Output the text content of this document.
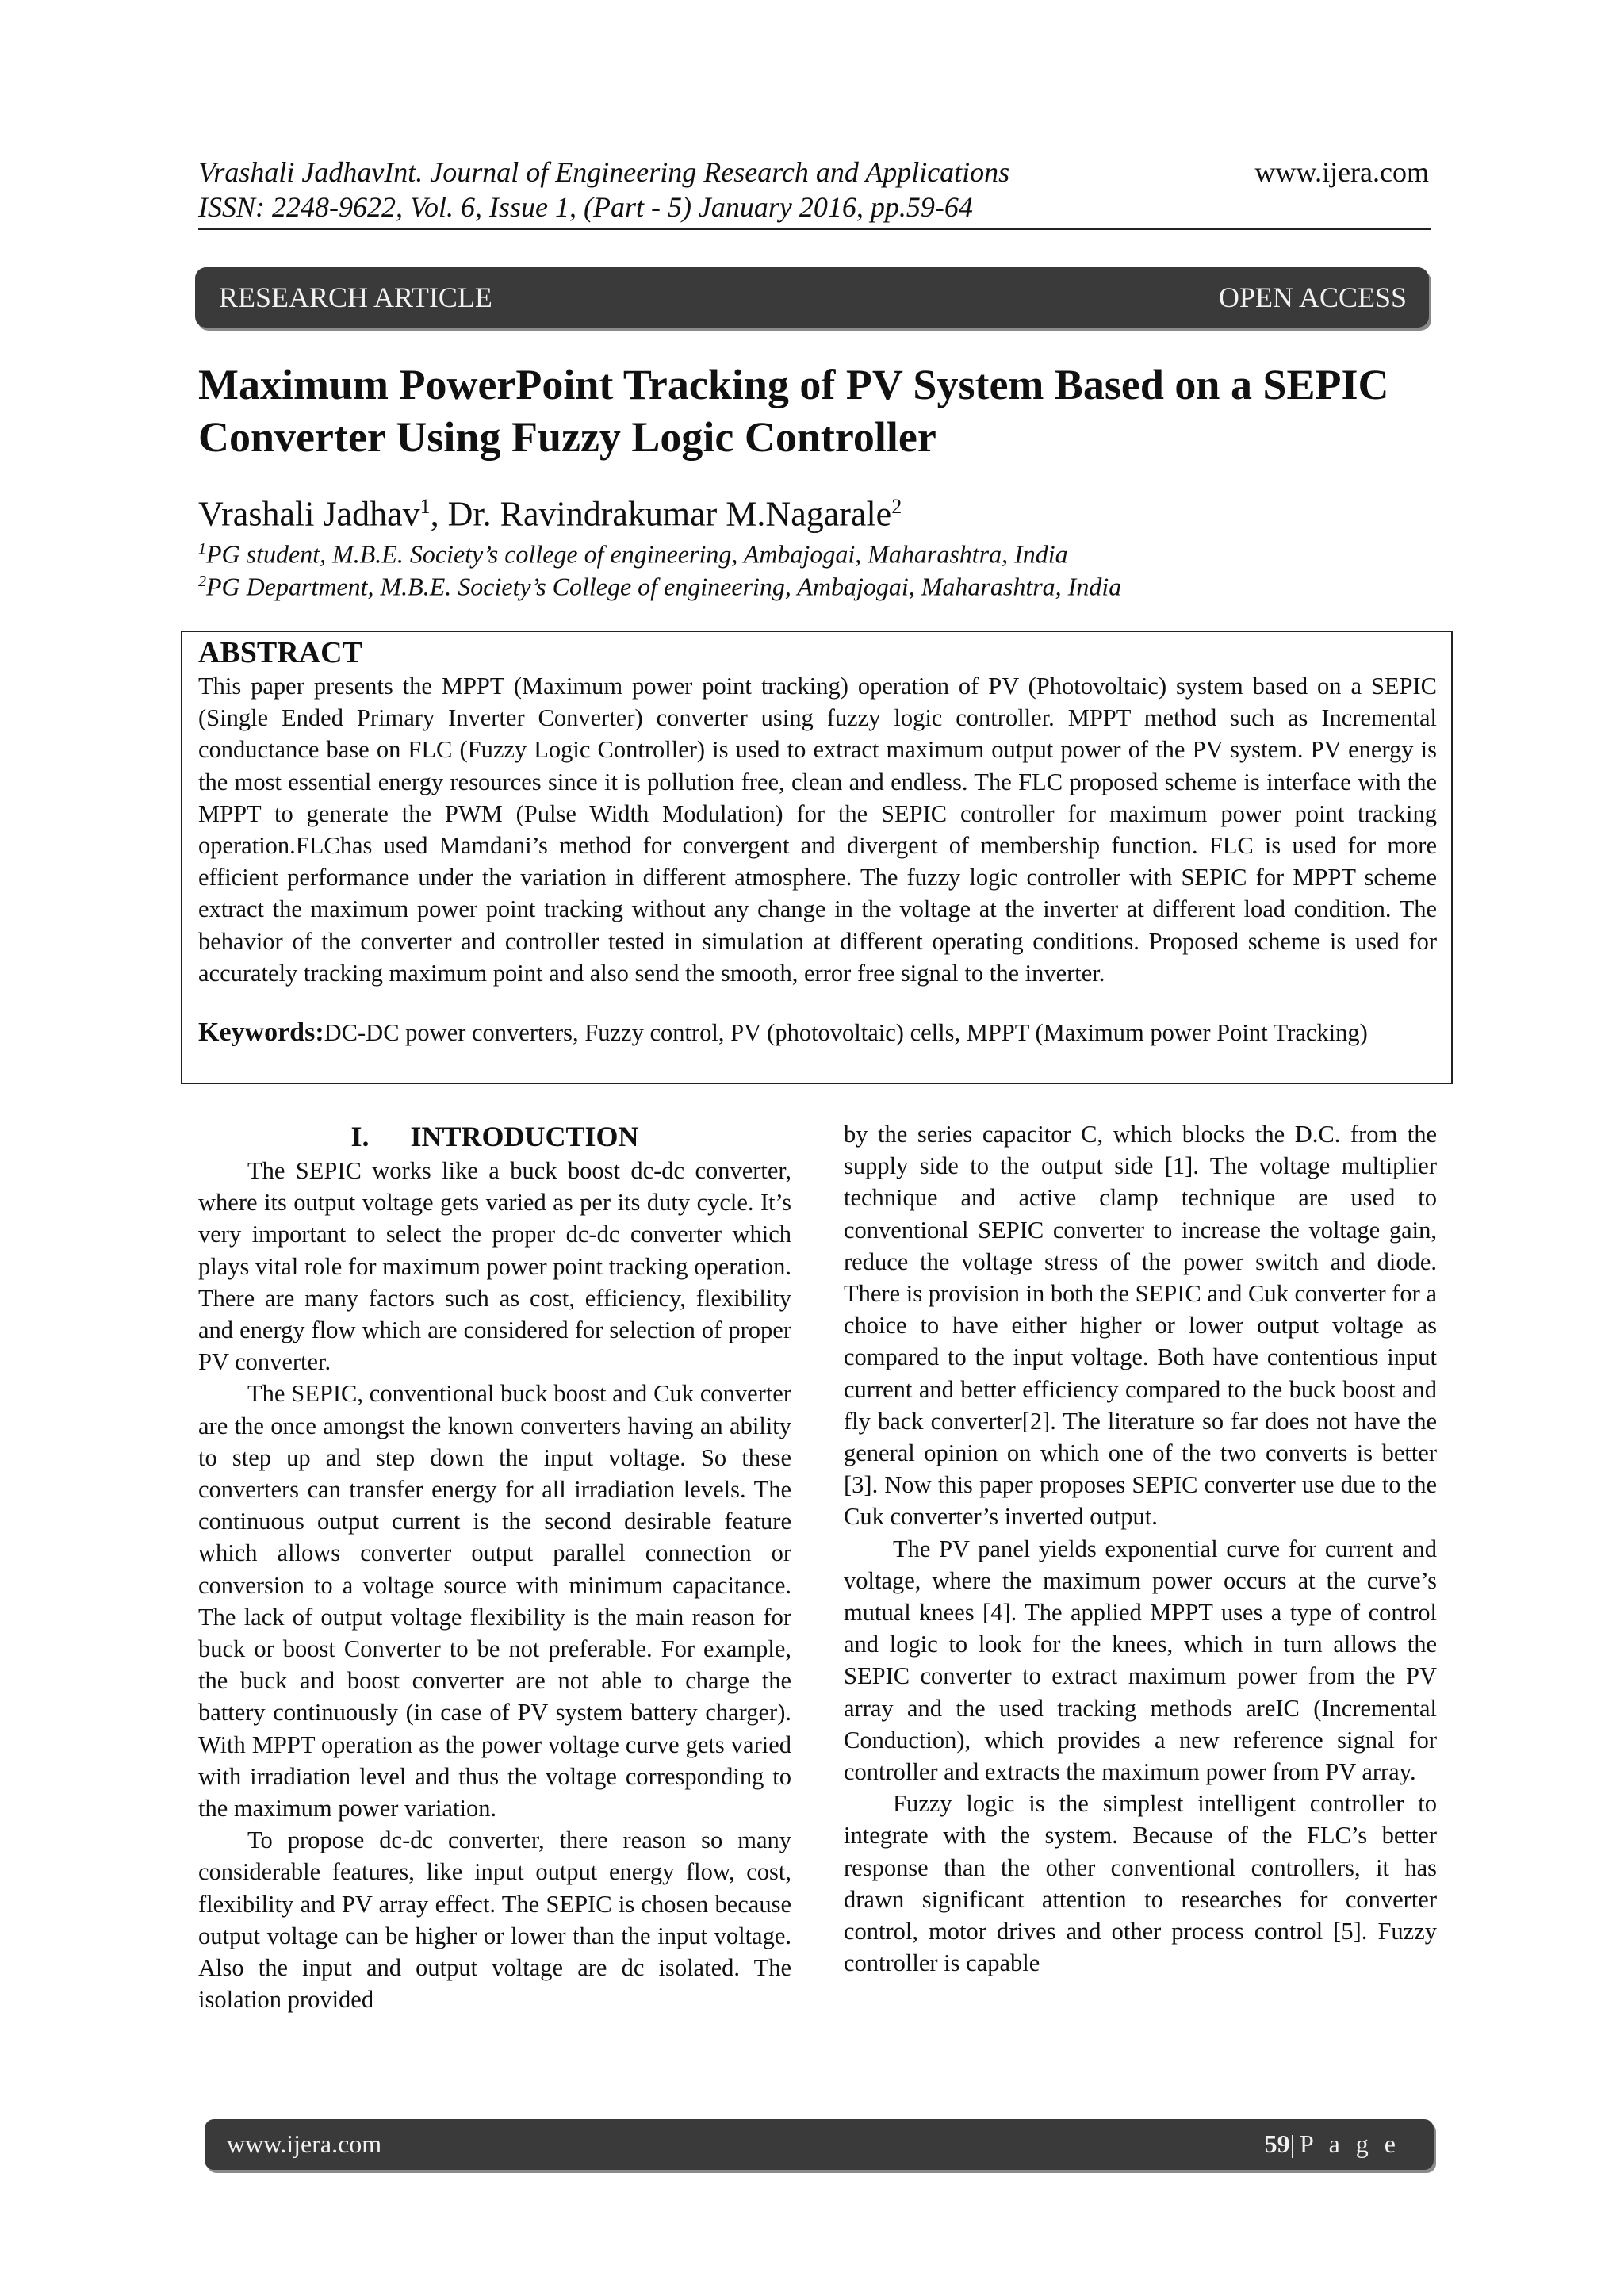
Vrashali JadhavInt. Journal of Engineering Research and Applications
ISSN: 2248-9622, Vol. 6, Issue 1, (Part - 5) January 2016, pp.59-64
www.ijera.com
RESEARCH ARTICLE	OPEN ACCESS
Maximum PowerPoint Tracking of PV System Based on a SEPIC Converter Using Fuzzy Logic Controller
Vrashali Jadhav$^1$, Dr. Ravindrakumar M.Nagarale$^2$
$^1$PG student, M.B.E. Society’s college of engineering, Ambajogai, Maharashtra, India
$^2$PG Department, M.B.E. Society’s College of engineering, Ambajogai, Maharashtra, India
ABSTRACT

This paper presents the MPPT (Maximum power point tracking) operation of PV (Photovoltaic) system based on a SEPIC (Single Ended Primary Inverter Converter) converter using fuzzy logic controller. MPPT method such as Incremental conductance base on FLC (Fuzzy Logic Controller) is used to extract maximum output power of the PV system. PV energy is the most essential energy resources since it is pollution free, clean and endless. The FLC proposed scheme is interface with the MPPT to generate the PWM (Pulse Width Modulation) for the SEPIC controller for maximum power point tracking operation.FLChas used Mamdani’s method for convergent and divergent of membership function. FLC is used for more efficient performance under the variation in different atmosphere. The fuzzy logic controller with SEPIC for MPPT scheme extract the maximum power point tracking without any change in the voltage at the inverter at different load condition. The behavior of the converter and controller tested in simulation at different operating conditions. Proposed scheme is used for accurately tracking maximum point and also send the smooth, error free signal to the inverter.

Keywords:DC-DC power converters, Fuzzy control, PV (photovoltaic) cells, MPPT (Maximum power Point Tracking)

I. INTRODUCTION

The SEPIC works like a buck boost dc-dc converter, where its output voltage gets varied as per its duty cycle. It’s very important to select the proper dc-dc converter which plays vital role for maximum power point tracking operation. There are many factors such as cost, efficiency, flexibility and energy flow which are considered for selection of proper PV converter.

The SEPIC, conventional buck boost and Cuk converter are the once amongst the known converters having an ability to step up and step down the input voltage. So these converters can transfer energy for all irradiation levels. The continuous output current is the second desirable feature which allows converter output parallel connection or conversion to a voltage source with minimum capacitance. The lack of output voltage flexibility is the main reason for buck or boost Converter to be not preferable. For example, the buck and boost converter are not able to charge the battery continuously (in case of PV system battery charger). With MPPT operation as the power voltage curve gets varied with irradiation level and thus the voltage corresponding to the maximum power variation.

To propose dc-dc converter, there reason so many considerable features, like input output energy flow, cost, flexibility and PV array effect. The SEPIC is chosen because output voltage can be higher or lower than the input voltage. Also the input and output voltage are dc isolated. The isolation provided

by the series capacitor C, which blocks the D.C. from the supply side to the output side [1]. The voltage multiplier technique and active clamp technique are used to conventional SEPIC converter to increase the voltage gain, reduce the voltage stress of the power switch and diode. There is provision in both the SEPIC and Cuk converter for a choice to have either higher or lower output voltage as compared to the input voltage. Both have contentious input current and better efficiency compared to the buck boost and fly back converter[2]. The literature so far does not have the general opinion on which one of the two converts is better [3]. Now this paper proposes SEPIC converter use due to the Cuk converter’s inverted output.

The PV panel yields exponential curve for current and voltage, where the maximum power occurs at the curve’s mutual knees [4]. The applied MPPT uses a type of control and logic to look for the knees, which in turn allows the SEPIC converter to extract maximum power from the PV array and the used tracking methods areIC (Incremental Conduction), which provides a new reference signal for controller and extracts the maximum power from PV array.

Fuzzy logic is the simplest intelligent controller to integrate with the system. Because of the FLC’s better response than the other conventional controllers, it has drawn significant attention to researches for converter control, motor drives and other process control [5]. Fuzzy controller is capable

www.ijera.com	59|P a g e
